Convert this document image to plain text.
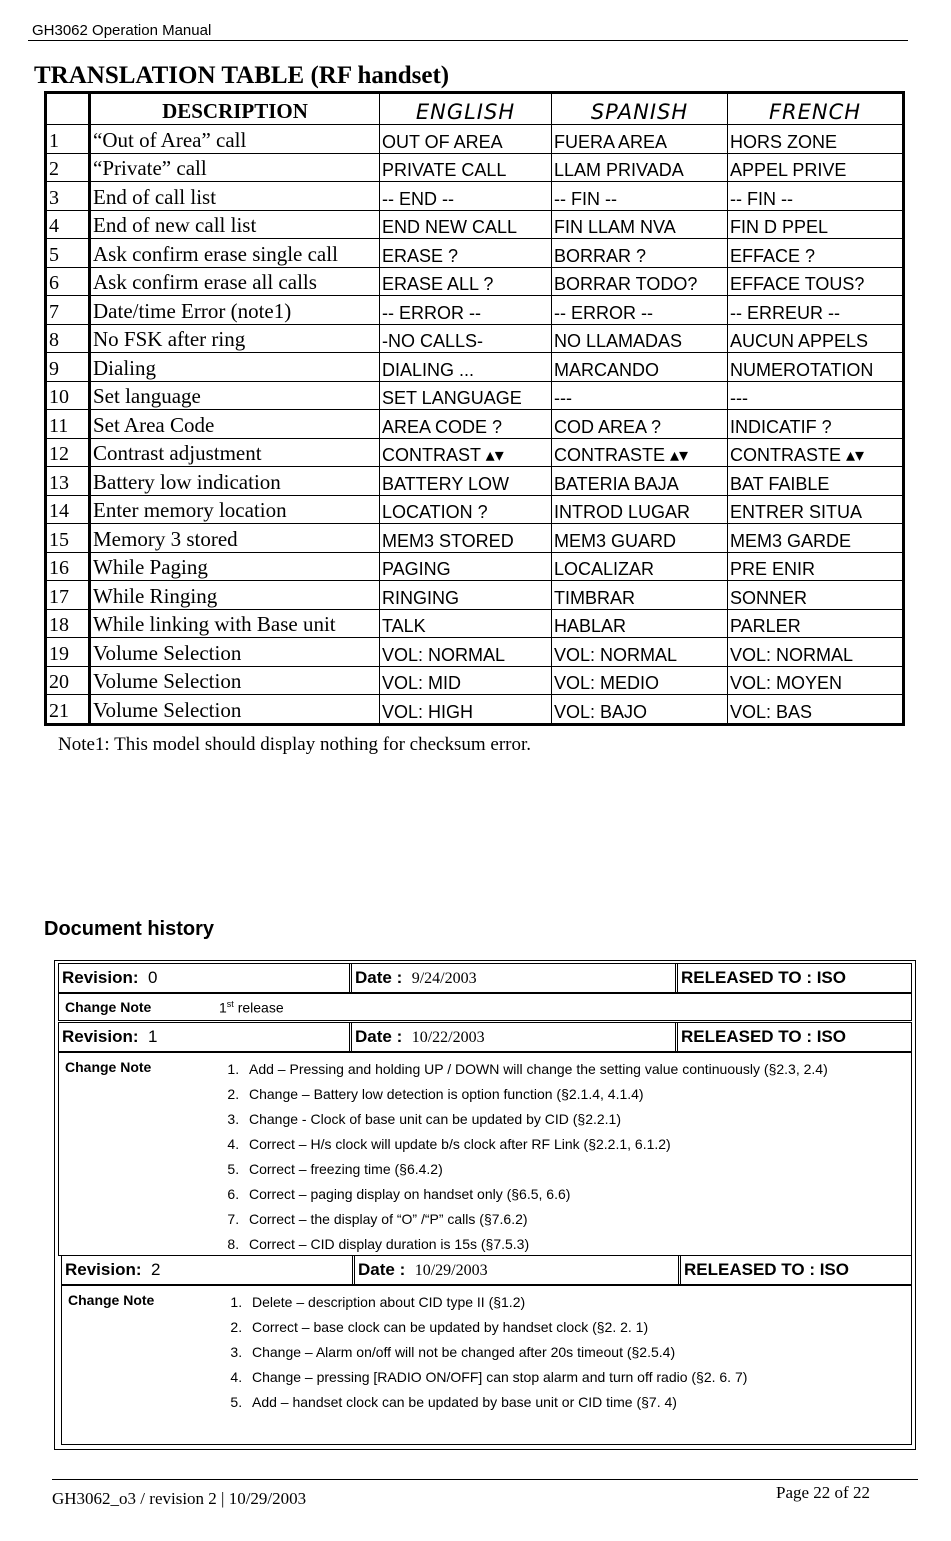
GH3062 Operation Manual
TRANSLATION TABLE (RF handset)
	DESCRIPTION	ENGLISH	SPANISH	FRENCH
1	“Out of Area” call	OUT OF AREA	FUERA AREA	HORS ZONE
2	“Private” call	PRIVATE CALL	LLAM PRIVADA	APPEL PRIVE
3	End of call list	-- END --	-- FIN --	-- FIN --
4	End of new call list	END NEW CALL	FIN LLAM NVA	FIN D PPEL
5	Ask confirm erase single call	ERASE ?	BORRAR ?	EFFACE ?
6	Ask confirm erase all calls	ERASE ALL ?	BORRAR TODO?	EFFACE TOUS?
7	Date/time Error (note1)	-- ERROR --	-- ERROR --	-- ERREUR --
8	No FSK after ring	-NO CALLS-	NO LLAMADAS	AUCUN APPELS
9	Dialing	DIALING ...	MARCANDO	NUMEROTATION
10	Set language	SET LANGUAGE	---	---
11	Set Area Code	AREA CODE ?	COD AREA ?	INDICATIF ?
12	Contrast adjustment	CONTRAST ▴▾	CONTRASTE ▴▾	CONTRASTE ▴▾
13	Battery low indication	BATTERY LOW	BATERIA BAJA	BAT FAIBLE
14	Enter memory location	LOCATION ?	INTROD LUGAR	ENTRER SITUA
15	Memory 3 stored	MEM3 STORED	MEM3 GUARD	MEM3 GARDE
16	While Paging	PAGING	LOCALIZAR	PRE ENIR
17	While Ringing	RINGING	TIMBRAR	SONNER
18	While linking with Base unit	TALK	HABLAR	PARLER
19	Volume Selection	VOL: NORMAL	VOL: NORMAL	VOL: NORMAL
20	Volume Selection	VOL: MID	VOL: MEDIO	VOL: MOYEN
21	Volume Selection	VOL: HIGH	VOL: BAJO	VOL: BAS
Note1: This model should display nothing for checksum error.
Document history
Revision: 0	Date : 9/24/2003	RELEASED TO : ISO
Change Note	1st release
Revision: 1	Date : 10/22/2003	RELEASED TO : ISO
Change Note	1. Add – Pressing and holding UP / DOWN will change the setting value continuously (§2.3, 2.4)
2. Change – Battery low detection is option function (§2.1.4, 4.1.4)
3. Change - Clock of base unit can be updated by CID (§2.2.1)
4. Correct – H/s clock will update b/s clock after RF Link (§2.2.1, 6.1.2)
5. Correct – freezing time (§6.4.2)
6. Correct – paging display on handset only (§6.5, 6.6)
7. Correct – the display of “O” /“P” calls (§7.6.2)
8. Correct – CID display duration is 15s (§7.5.3)
Revision: 2	Date : 10/29/2003	RELEASED TO : ISO
Change Note	1. Delete – description about CID type II (§1.2)
2. Correct – base clock can be updated by handset clock (§2. 2. 1)
3. Change – Alarm on/off will not be changed after 20s timeout (§2.5.4)
4. Change – pressing [RADIO ON/OFF] can stop alarm and turn off radio (§2. 6. 7)
5. Add – handset clock can be updated by base unit or CID time (§7. 4)
GH3062_o3 / revision 2 | 10/29/2003	Page 22 of 22
